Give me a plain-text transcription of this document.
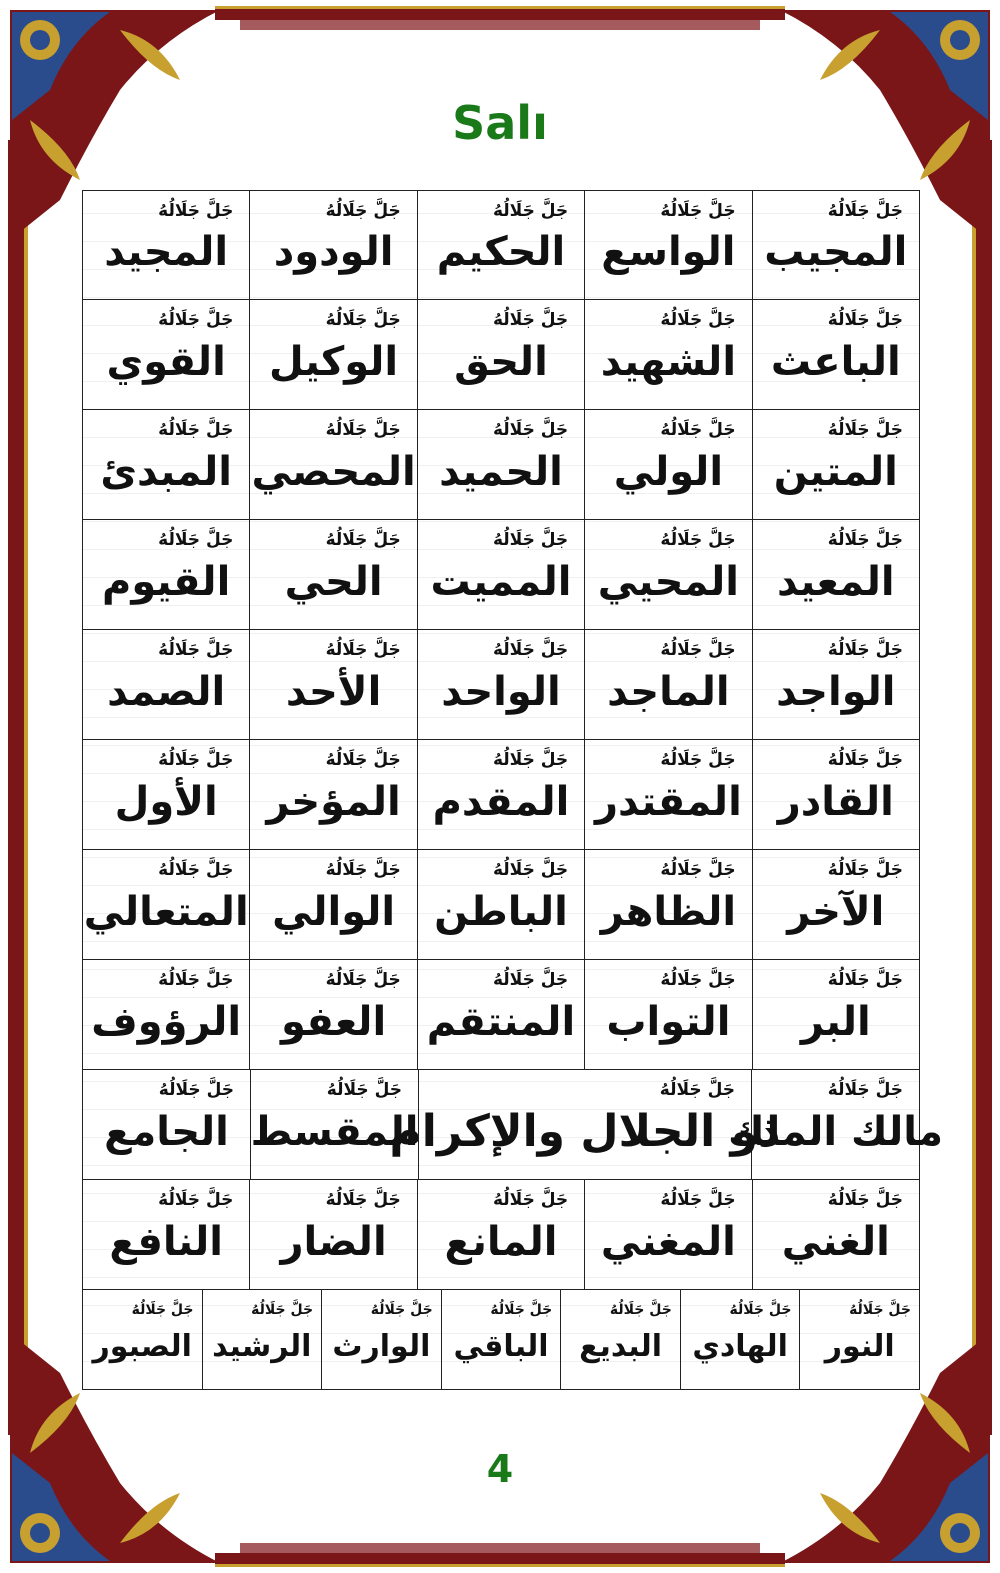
Salı
جَلَّ جَلَالُهُ
المجيب
جَلَّ جَلَالُهُ
الواسع
جَلَّ جَلَالُهُ
الحكيم
جَلَّ جَلَالُهُ
الودود
جَلَّ جَلَالُهُ
المجيد
جَلَّ جَلَالُهُ
الباعث
جَلَّ جَلَالُهُ
الشهيد
جَلَّ جَلَالُهُ
الحق
جَلَّ جَلَالُهُ
الوكيل
جَلَّ جَلَالُهُ
القوي
جَلَّ جَلَالُهُ
المتين
جَلَّ جَلَالُهُ
الولي
جَلَّ جَلَالُهُ
الحميد
جَلَّ جَلَالُهُ
المحصي
جَلَّ جَلَالُهُ
المبدئ
جَلَّ جَلَالُهُ
المعيد
جَلَّ جَلَالُهُ
المحيي
جَلَّ جَلَالُهُ
المميت
جَلَّ جَلَالُهُ
الحي
جَلَّ جَلَالُهُ
القيوم
جَلَّ جَلَالُهُ
الواجد
جَلَّ جَلَالُهُ
الماجد
جَلَّ جَلَالُهُ
الواحد
جَلَّ جَلَالُهُ
الأحد
جَلَّ جَلَالُهُ
الصمد
جَلَّ جَلَالُهُ
القادر
جَلَّ جَلَالُهُ
المقتدر
جَلَّ جَلَالُهُ
المقدم
جَلَّ جَلَالُهُ
المؤخر
جَلَّ جَلَالُهُ
الأول
جَلَّ جَلَالُهُ
الآخر
جَلَّ جَلَالُهُ
الظاهر
جَلَّ جَلَالُهُ
الباطن
جَلَّ جَلَالُهُ
الوالي
جَلَّ جَلَالُهُ
المتعالي
جَلَّ جَلَالُهُ
البر
جَلَّ جَلَالُهُ
التواب
جَلَّ جَلَالُهُ
المنتقم
جَلَّ جَلَالُهُ
العفو
جَلَّ جَلَالُهُ
الرؤوف
جَلَّ جَلَالُهُ
مالك الملك
جَلَّ جَلَالُهُ
ذو الجلال والإكرام
جَلَّ جَلَالُهُ
المقسط
جَلَّ جَلَالُهُ
الجامع
جَلَّ جَلَالُهُ
الغني
جَلَّ جَلَالُهُ
المغني
جَلَّ جَلَالُهُ
المانع
جَلَّ جَلَالُهُ
الضار
جَلَّ جَلَالُهُ
النافع
جَلَّ جَلَالُهُ
النور
جَلَّ جَلَالُهُ
الهادي
جَلَّ جَلَالُهُ
البديع
جَلَّ جَلَالُهُ
الباقي
جَلَّ جَلَالُهُ
الوارث
جَلَّ جَلَالُهُ
الرشيد
جَلَّ جَلَالُهُ
الصبور
4
